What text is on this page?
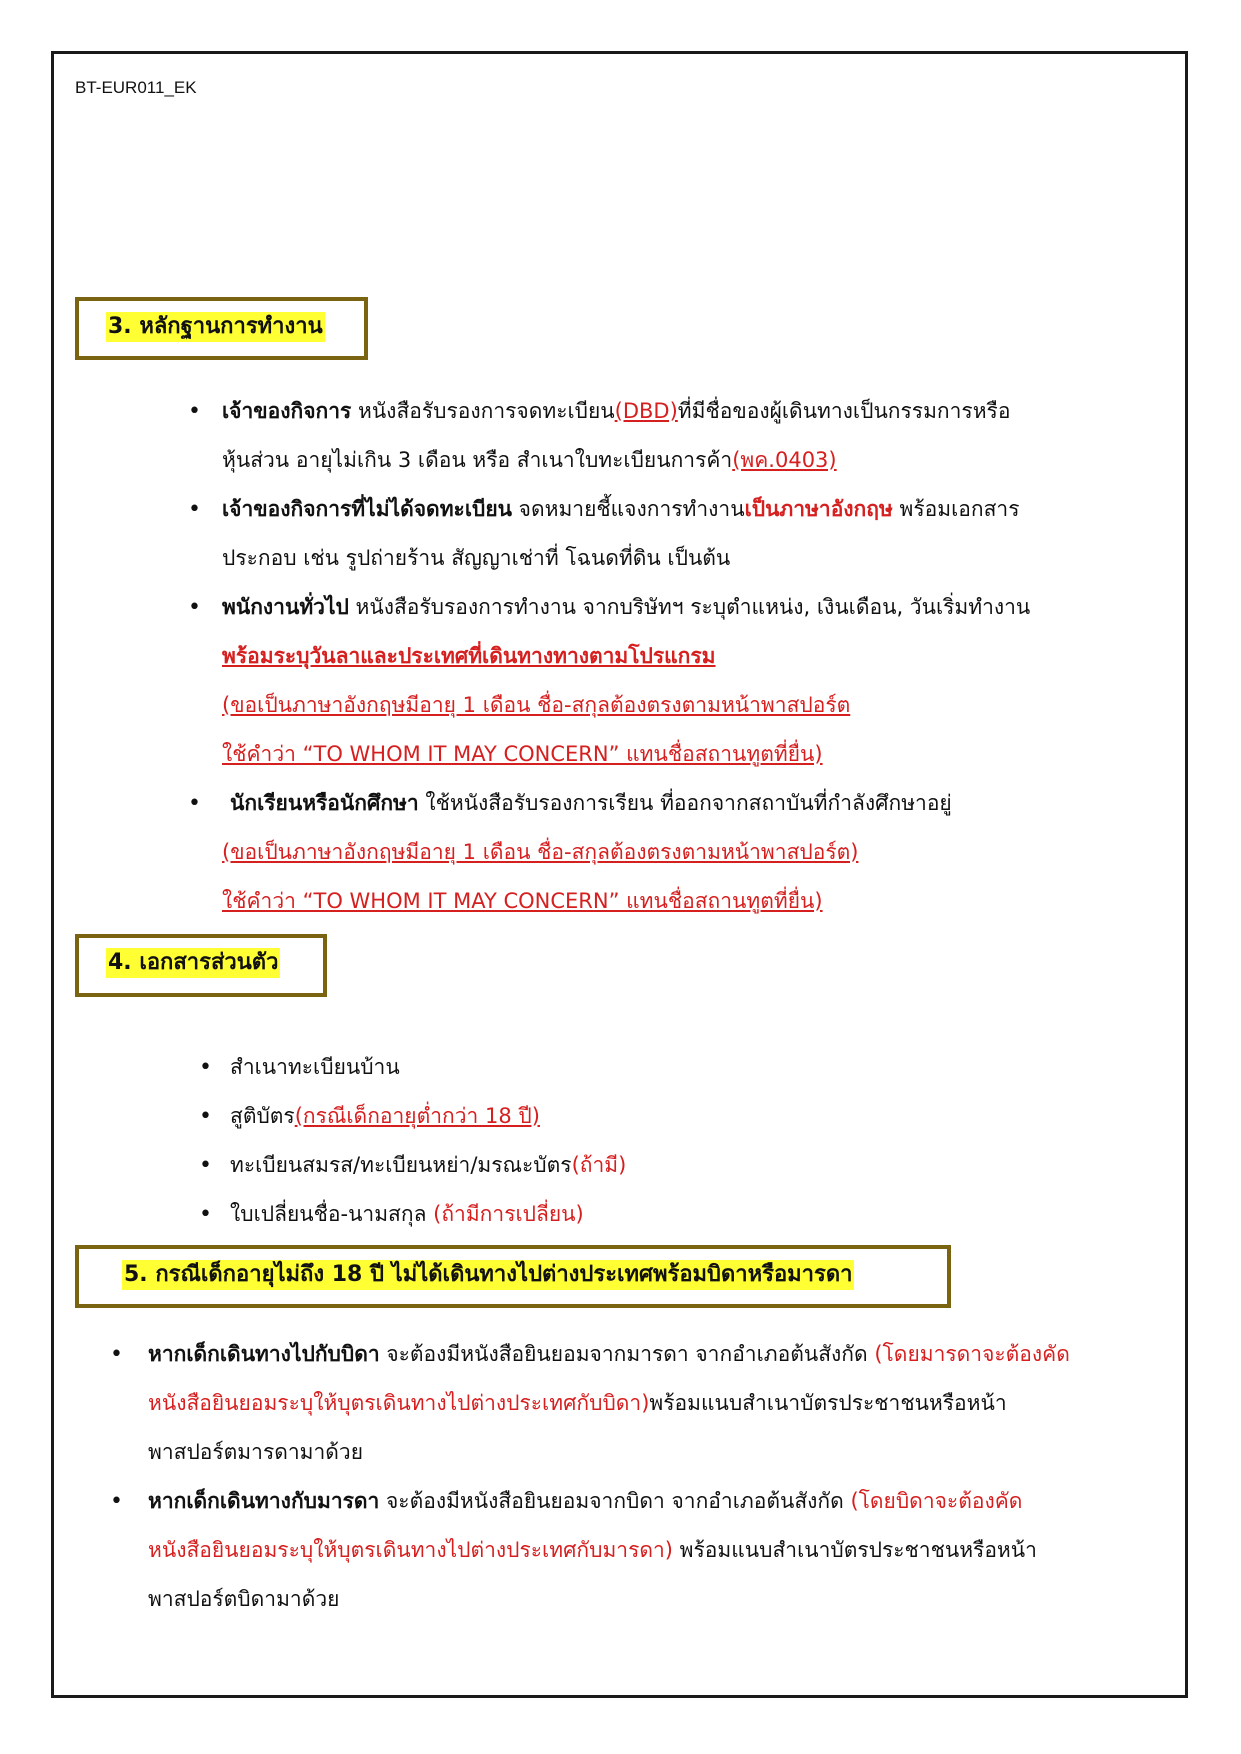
BT-EUR011_EK
3. หลักฐานการทำงาน
• เจ้าของกิจการ หนังสือรับรองการจดทะเบียน(DBD)ที่มีชื่อของผู้เดินทางเป็นกรรมการหรือ
หุ้นส่วน อายุไม่เกิน 3 เดือน หรือ สำเนาใบทะเบียนการค้า(พค.0403)
• เจ้าของกิจการที่ไม่ได้จดทะเบียน จดหมายชี้แจงการทำงานเป็นภาษาอังกฤษ พร้อมเอกสาร
ประกอบ เช่น รูปถ่ายร้าน สัญญาเช่าที่ โฉนดที่ดิน เป็นต้น
• พนักงานทั่วไป หนังสือรับรองการทำงาน จากบริษัทฯ ระบุตำแหน่ง, เงินเดือน, วันเริ่มทำงาน
พร้อมระบุวันลาและประเทศที่เดินทางทางตามโปรแกรม
(ขอเป็นภาษาอังกฤษมีอายุ 1 เดือน ชื่อ-สกุลต้องตรงตามหน้าพาสปอร์ต
ใช้คำว่า “TO WHOM IT MAY CONCERN” แทนชื่อสถานทูตที่ยื่น)
• นักเรียนหรือนักศึกษา ใช้หนังสือรับรองการเรียน ที่ออกจากสถาบันที่กำลังศึกษาอยู่
(ขอเป็นภาษาอังกฤษมีอายุ 1 เดือน ชื่อ-สกุลต้องตรงตามหน้าพาสปอร์ต)
ใช้คำว่า “TO WHOM IT MAY CONCERN” แทนชื่อสถานทูตที่ยื่น)
4. เอกสารส่วนตัว
• สำเนาทะเบียนบ้าน
• สูติบัตร(กรณีเด็กอายุต่ำกว่า 18 ปี)
• ทะเบียนสมรส/ทะเบียนหย่า/มรณะบัตร(ถ้ามี)
• ใบเปลี่ยนชื่อ-นามสกุล (ถ้ามีการเปลี่ยน)
5. กรณีเด็กอายุไม่ถึง 18 ปี ไม่ได้เดินทางไปต่างประเทศพร้อมบิดาหรือมารดา
• หากเด็กเดินทางไปกับบิดา จะต้องมีหนังสือยินยอมจากมารดา จากอำเภอต้นสังกัด (โดยมารดาจะต้องคัด
หนังสือยินยอมระบุให้บุตรเดินทางไปต่างประเทศกับบิดา)พร้อมแนบสำเนาบัตรประชาชนหรือหน้า
พาสปอร์ตมารดามาด้วย
• หากเด็กเดินทางกับมารดา จะต้องมีหนังสือยินยอมจากบิดา จากอำเภอต้นสังกัด (โดยบิดาจะต้องคัด
หนังสือยินยอมระบุให้บุตรเดินทางไปต่างประเทศกับมารดา) พร้อมแนบสำเนาบัตรประชาชนหรือหน้า
พาสปอร์ตบิดามาด้วย
